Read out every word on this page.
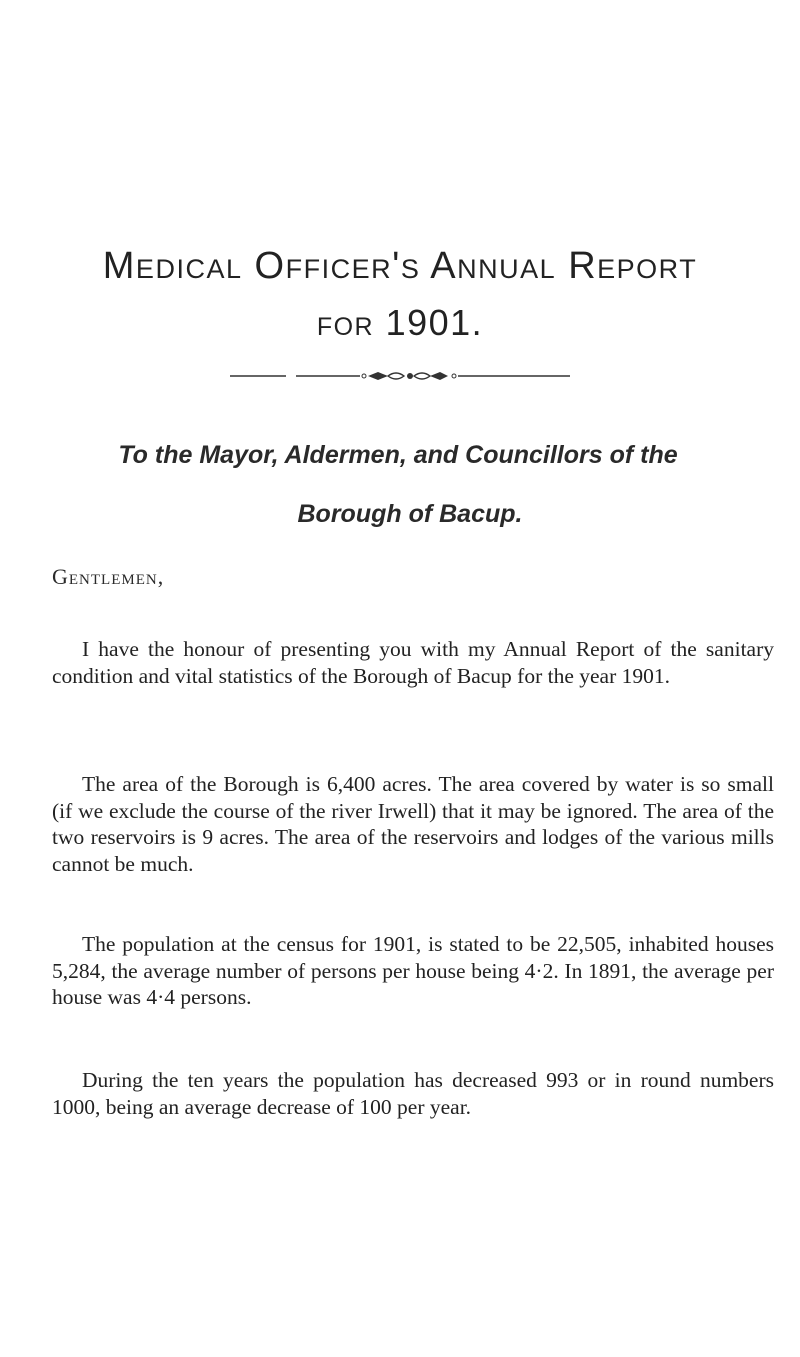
Medical Officer's Annual Report
for 1901.
To the Mayor, Aldermen, and Councillors of the
Borough of Bacup.
Gentlemen,

I have the honour of presenting you with my Annual Report of the sanitary condition and vital statistics of the Borough of Bacup for the year 1901.

The area of the Borough is 6,400 acres. The area covered by water is so small (if we exclude the course of the river Irwell) that it may be ignored. The area of the two reservoirs is 9 acres. The area of the reservoirs and lodges of the various mills cannot be much.

The population at the census for 1901, is stated to be 22,505, inhabited houses 5,284, the average number of persons per house being 4·2. In 1891, the average per house was 4·4 persons.

During the ten years the population has decreased 993 or in round numbers 1000, being an average decrease of 100 per year.
